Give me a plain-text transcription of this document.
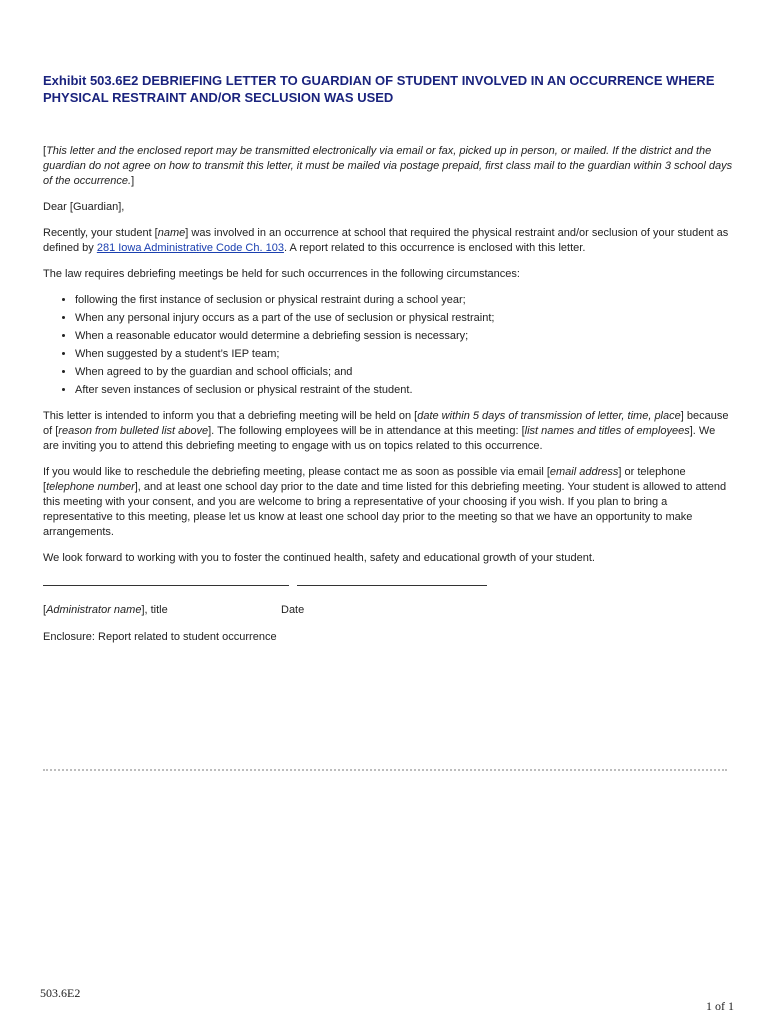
Exhibit 503.6E2 DEBRIEFING LETTER TO GUARDIAN OF STUDENT INVOLVED IN AN OCCURRENCE WHERE PHYSICAL RESTRAINT AND/OR SECLUSION WAS USED

[This letter and the enclosed report may be transmitted electronically via email or fax, picked up in person, or mailed. If the district and the guardian do not agree on how to transmit this letter, it must be mailed via postage prepaid, first class mail to the guardian within 3 school days of the occurrence.]

Dear [Guardian],

Recently, your student [name] was involved in an occurrence at school that required the physical restraint and/or seclusion of your student as defined by 281 Iowa Administrative Code Ch. 103. A report related to this occurrence is enclosed with this letter.

The law requires debriefing meetings be held for such occurrences in the following circumstances:

• following the first instance of seclusion or physical restraint during a school year;
• When any personal injury occurs as a part of the use of seclusion or physical restraint;
• When a reasonable educator would determine a debriefing session is necessary;
• When suggested by a student’s IEP team;
• When agreed to by the guardian and school officials; and
• After seven instances of seclusion or physical restraint of the student.

This letter is intended to inform you that a debriefing meeting will be held on [date within 5 days of transmission of letter, time, place] because of [reason from bulleted list above]. The following employees will be in attendance at this meeting: [list names and titles of employees]. We are inviting you to attend this debriefing meeting to engage with us on topics related to this occurrence.

If you would like to reschedule the debriefing meeting, please contact me as soon as possible via email [email address] or telephone [telephone number], and at least one school day prior to the date and time listed for this debriefing meeting. Your student is allowed to attend this meeting with your consent, and you are welcome to bring a representative of your choosing if you wish. If you plan to bring a representative to this meeting, please let us know at least one school day prior to the meeting so that we have an opportunity to make arrangements.

We look forward to working with you to foster the continued health, safety and educational growth of your student.

[Administrator name], title	Date

Enclosure: Report related to student occurrence

503.6E2
1 of 1
